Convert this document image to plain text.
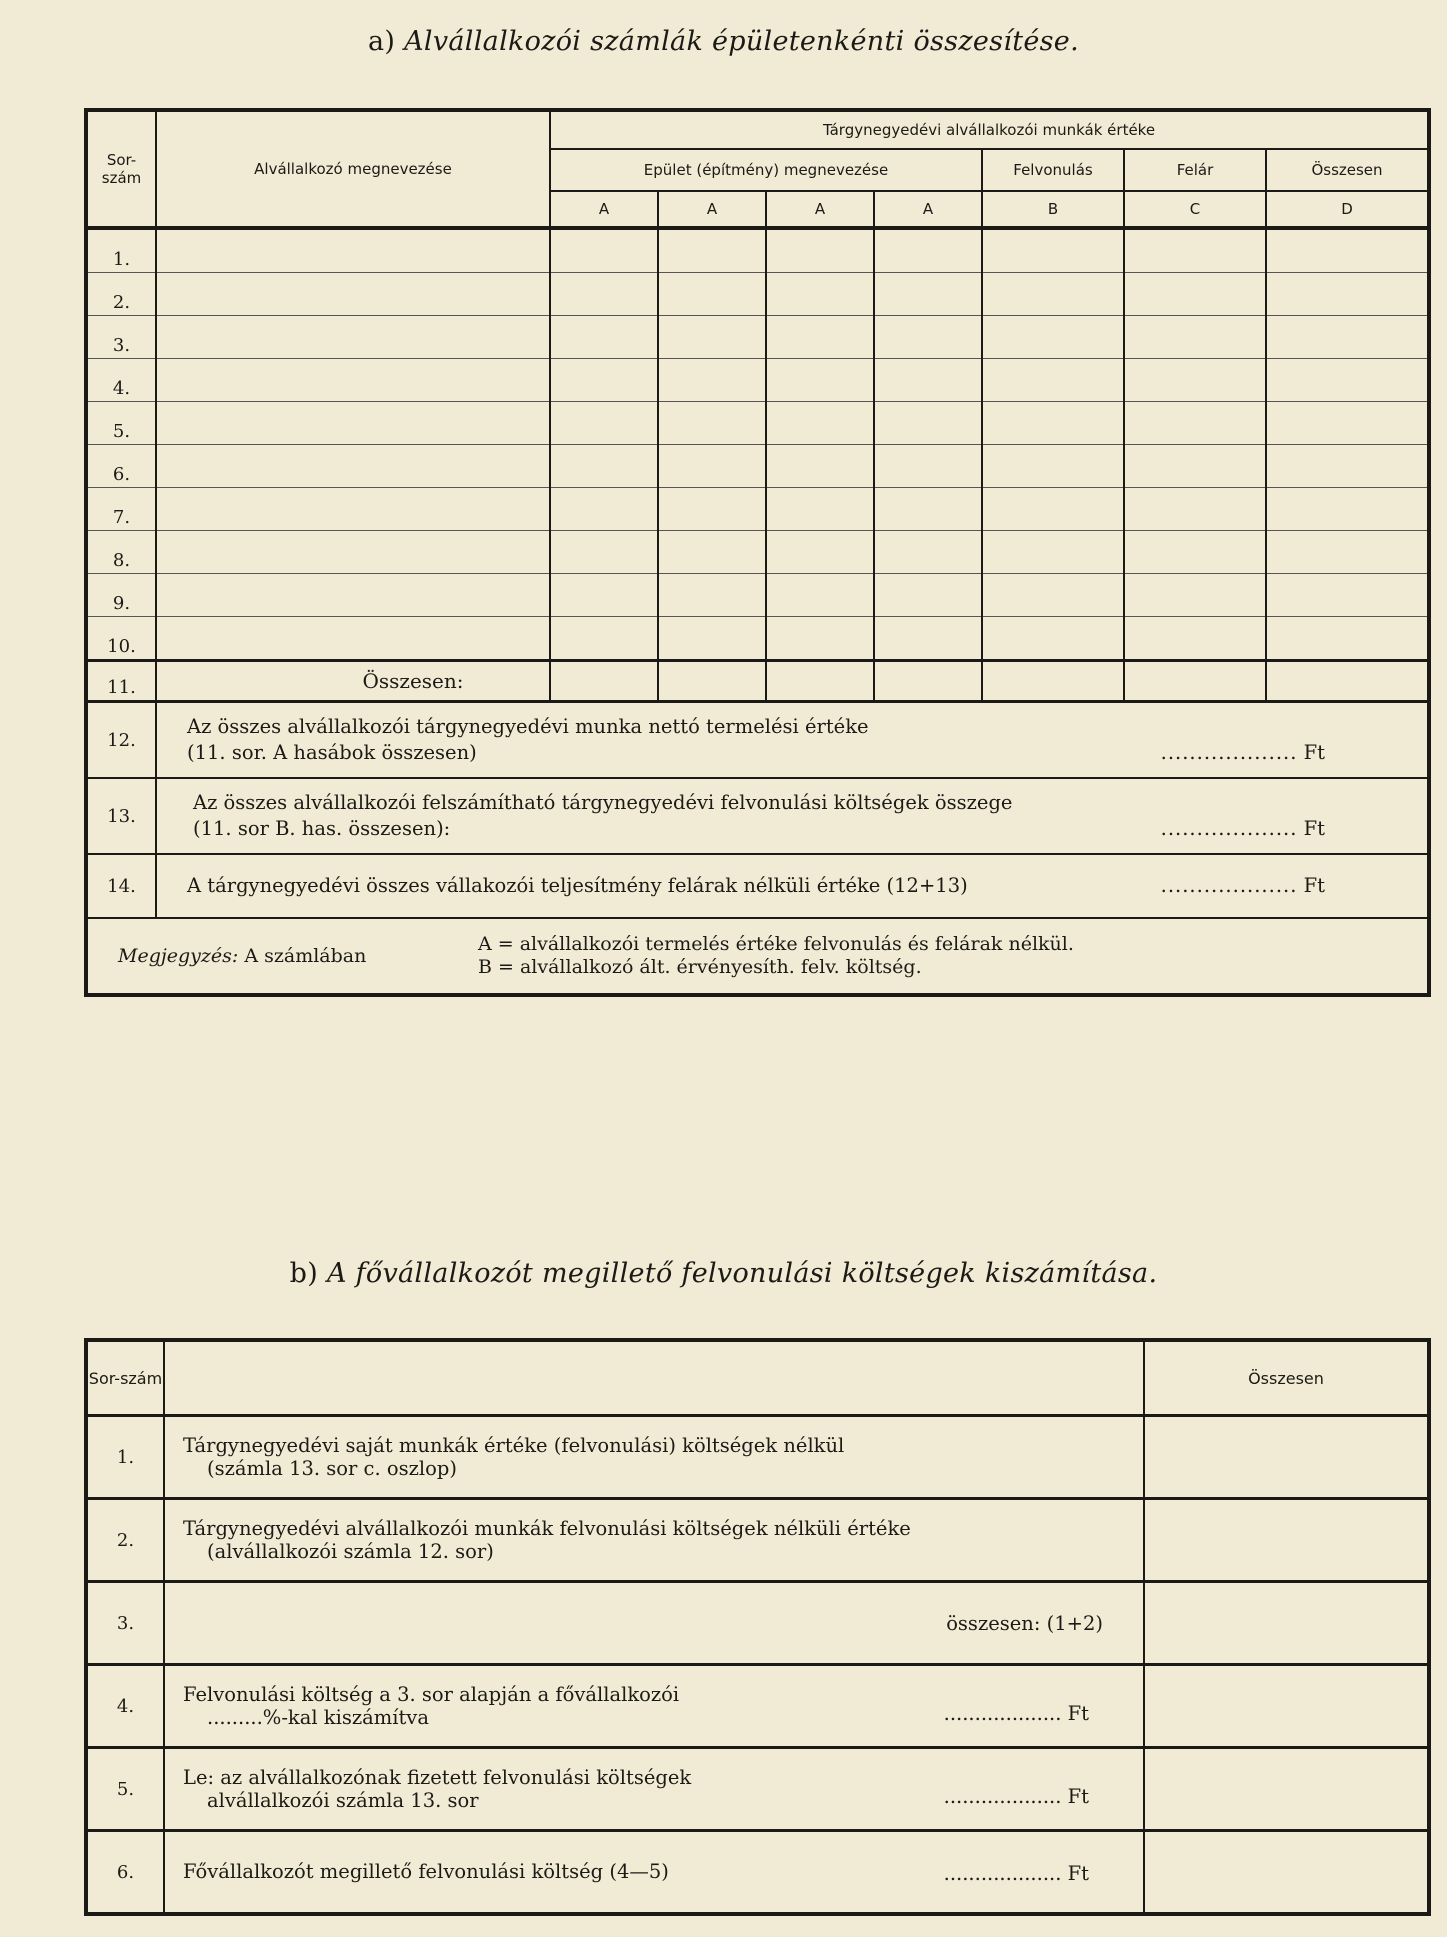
a) Alvállalkozói számlák épületenkénti összesítése.
Sor-szám	Alvállalkozó megnevezése	Tárgynegyedévi alvállalkozói munkák értéke						
		Epület (építmény) megnevezése				Felvonulás	Felár	Összesen
		A	A	A	A	B	C	D
1.								
2.								
3.								
4.								
5.								
6.								
7.								
8.								
9.								
10.								
11.	Összesen:							
12.	Az összes alvállalkozói tárgynegyedévi munka nettó termelési értéke
(11. sor. A hasábok összesen) ................... Ft							

13.	Az összes alvállalkozói felszámítható tárgynegyedévi felvonulási költségek összege
(11. sor B. has. összesen): ................... Ft							

14.	A tárgynegyedévi összes vállakozói teljesítmény felárak nélküli értéke (12+13) ................... Ft							

Megjegyzés: A számlában
A = alvállalkozói termelés értéke felvonulás és felárak nélkül.
B = alvállalkozó ált. érvényesíth. felv. költség.								
b) A fővállalkozót megillető felvonulási költségek kiszámítása.
Sor-szám		Összesen
1.	Tárgynegyedévi saját munkák értéke (felvonulási) költségek nélkül
(számla 13. sor c. oszlop)	

2.	Tárgynegyedévi alvállalkozói munkák felvonulási költségek nélküli értéke
(alvállalkozói számla 12. sor)	

3.	összesen: (1+2)	
4.	Felvonulási költség a 3. sor alapján a fővállalkozói
.........%-kal kiszámítva ................... Ft	

5.	Le: az alvállalkozónak fizetett felvonulási költségek
alvállalkozói számla 13. sor ................... Ft	

6.	Fővállalkozót megillető felvonulási költség (4—5) ................... Ft	
